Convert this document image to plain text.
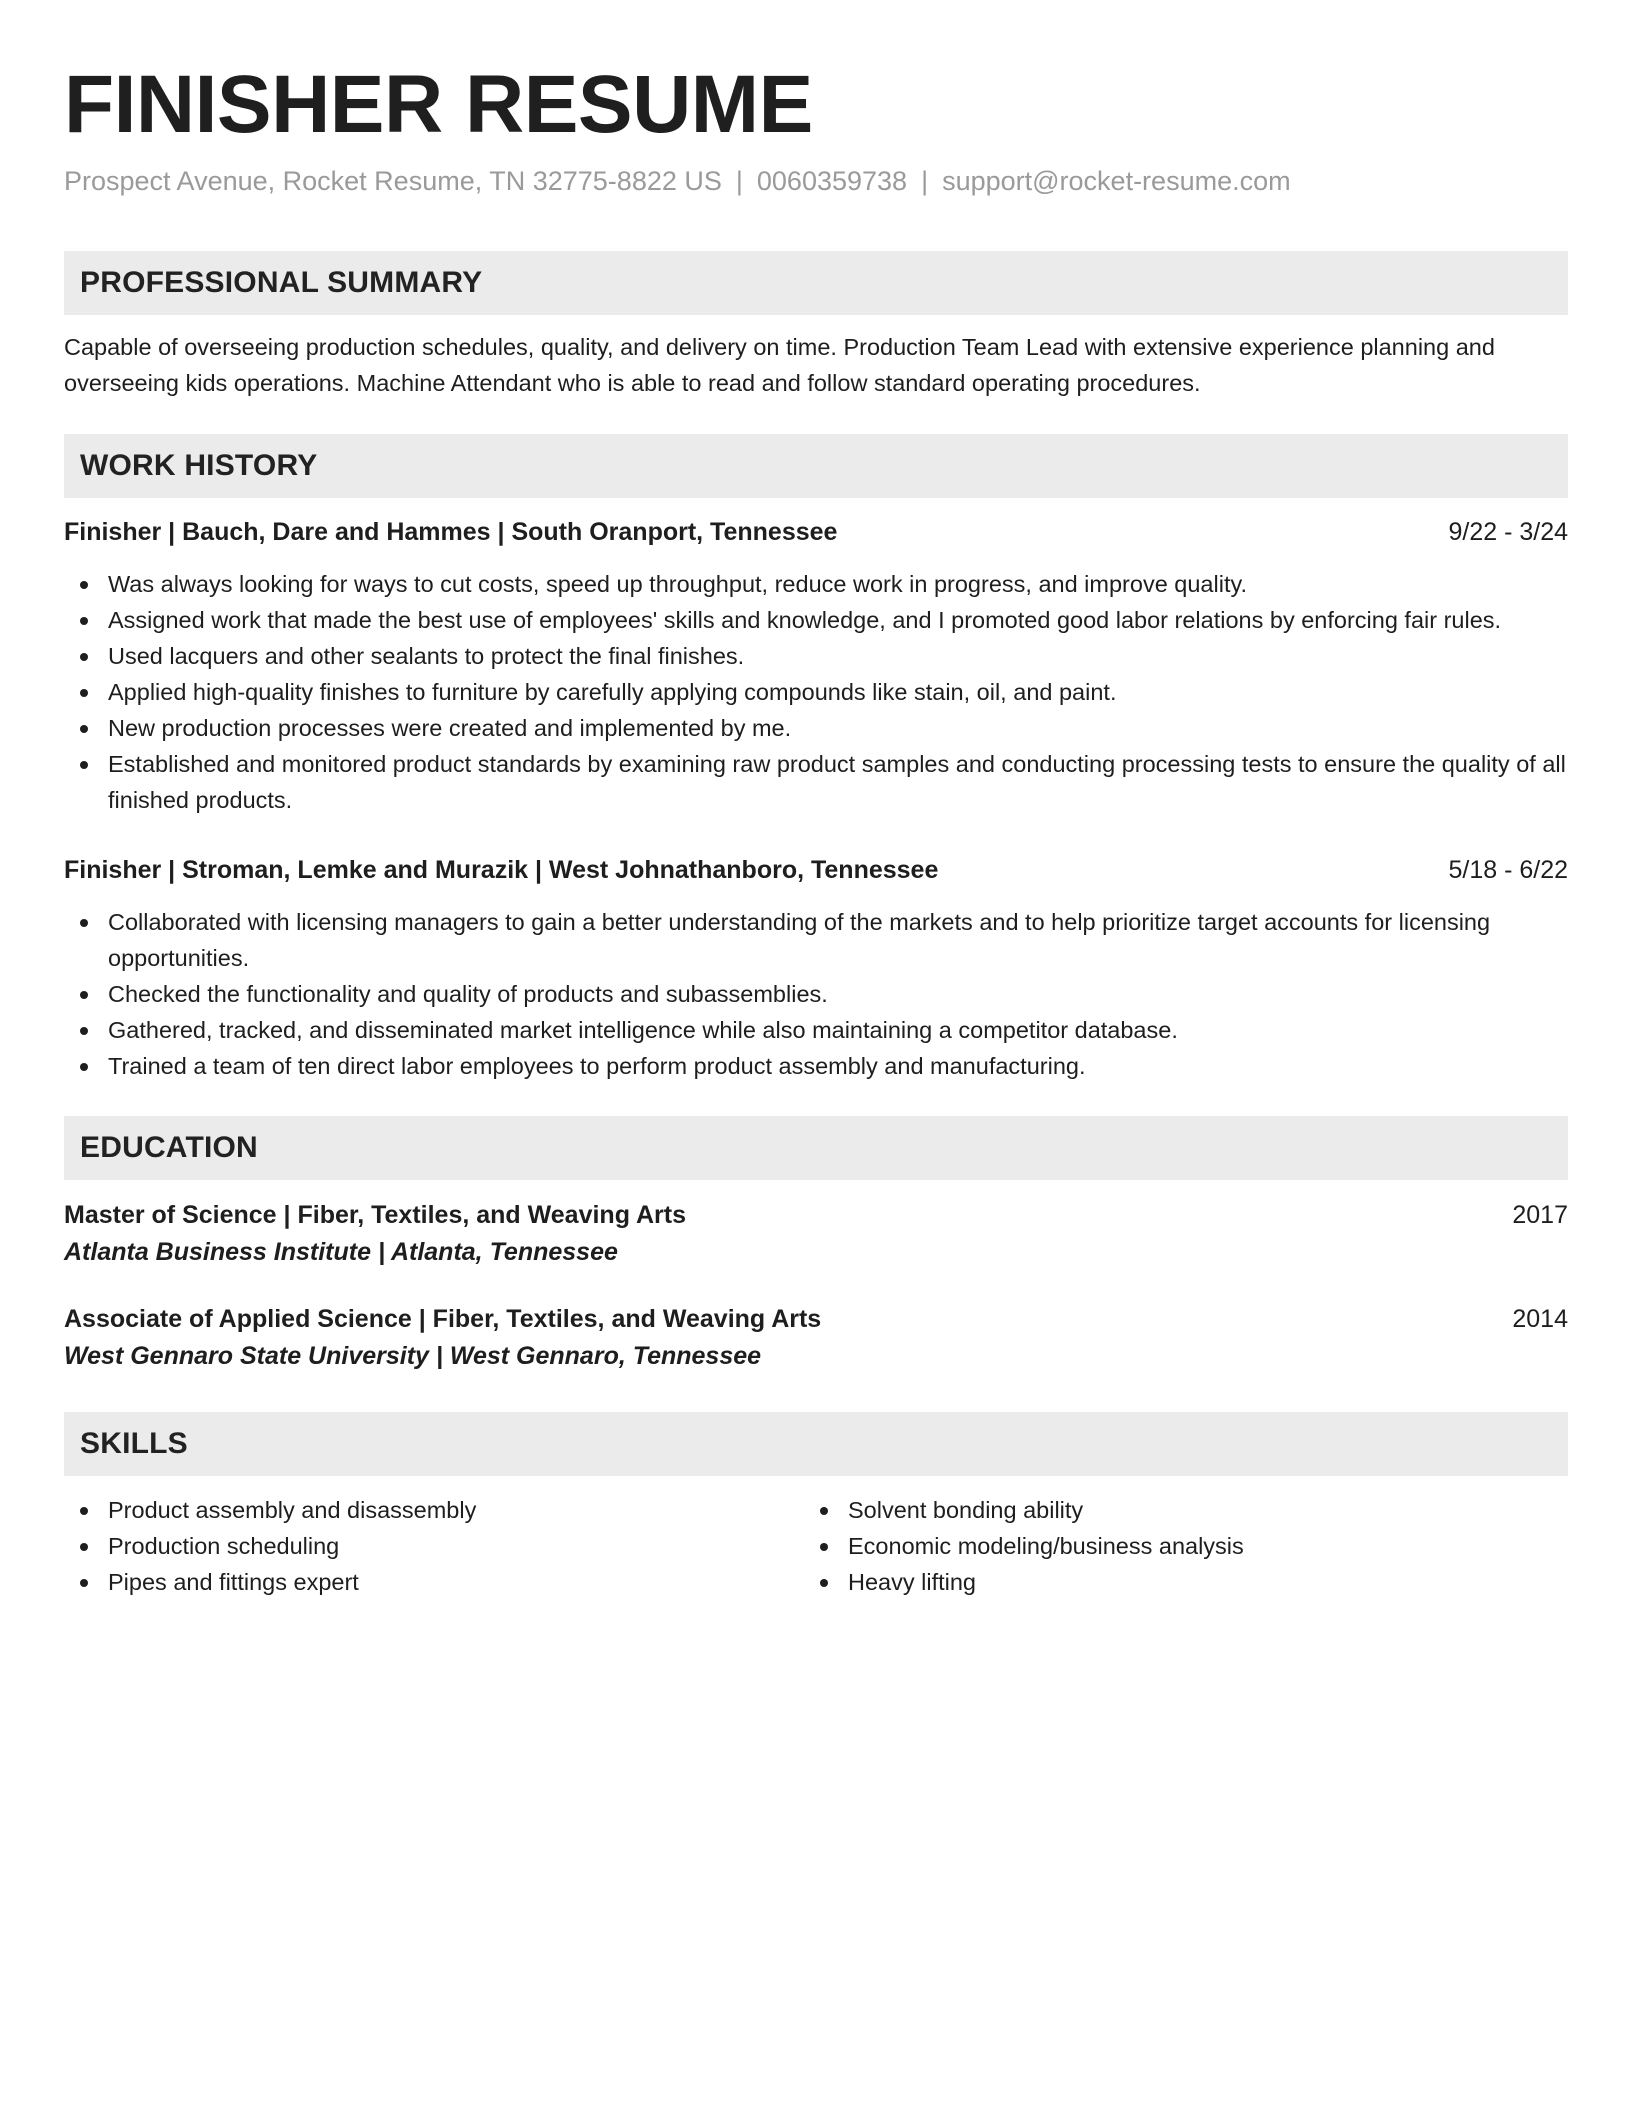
FINISHER RESUME
Prospect Avenue, Rocket Resume, TN 32775-8822 US | 0060359738 | support@rocket-resume.com
PROFESSIONAL SUMMARY
Capable of overseeing production schedules, quality, and delivery on time. Production Team Lead with extensive experience planning and overseeing kids operations. Machine Attendant who is able to read and follow standard operating procedures.
WORK HISTORY
Finisher | Bauch, Dare and Hammes | South Oranport, Tennessee	9/22 - 3/24
Was always looking for ways to cut costs, speed up throughput, reduce work in progress, and improve quality.
Assigned work that made the best use of employees' skills and knowledge, and I promoted good labor relations by enforcing fair rules.
Used lacquers and other sealants to protect the final finishes.
Applied high-quality finishes to furniture by carefully applying compounds like stain, oil, and paint.
New production processes were created and implemented by me.
Established and monitored product standards by examining raw product samples and conducting processing tests to ensure the quality of all finished products.
Finisher | Stroman, Lemke and Murazik | West Johnathanboro, Tennessee	5/18 - 6/22
Collaborated with licensing managers to gain a better understanding of the markets and to help prioritize target accounts for licensing opportunities.
Checked the functionality and quality of products and subassemblies.
Gathered, tracked, and disseminated market intelligence while also maintaining a competitor database.
Trained a team of ten direct labor employees to perform product assembly and manufacturing.
EDUCATION
Master of Science | Fiber, Textiles, and Weaving Arts	2017
Atlanta Business Institute | Atlanta, Tennessee
Associate of Applied Science | Fiber, Textiles, and Weaving Arts	2014
West Gennaro State University | West Gennaro, Tennessee
SKILLS
Product assembly and disassembly
Production scheduling
Pipes and fittings expert
Solvent bonding ability
Economic modeling/business analysis
Heavy lifting
